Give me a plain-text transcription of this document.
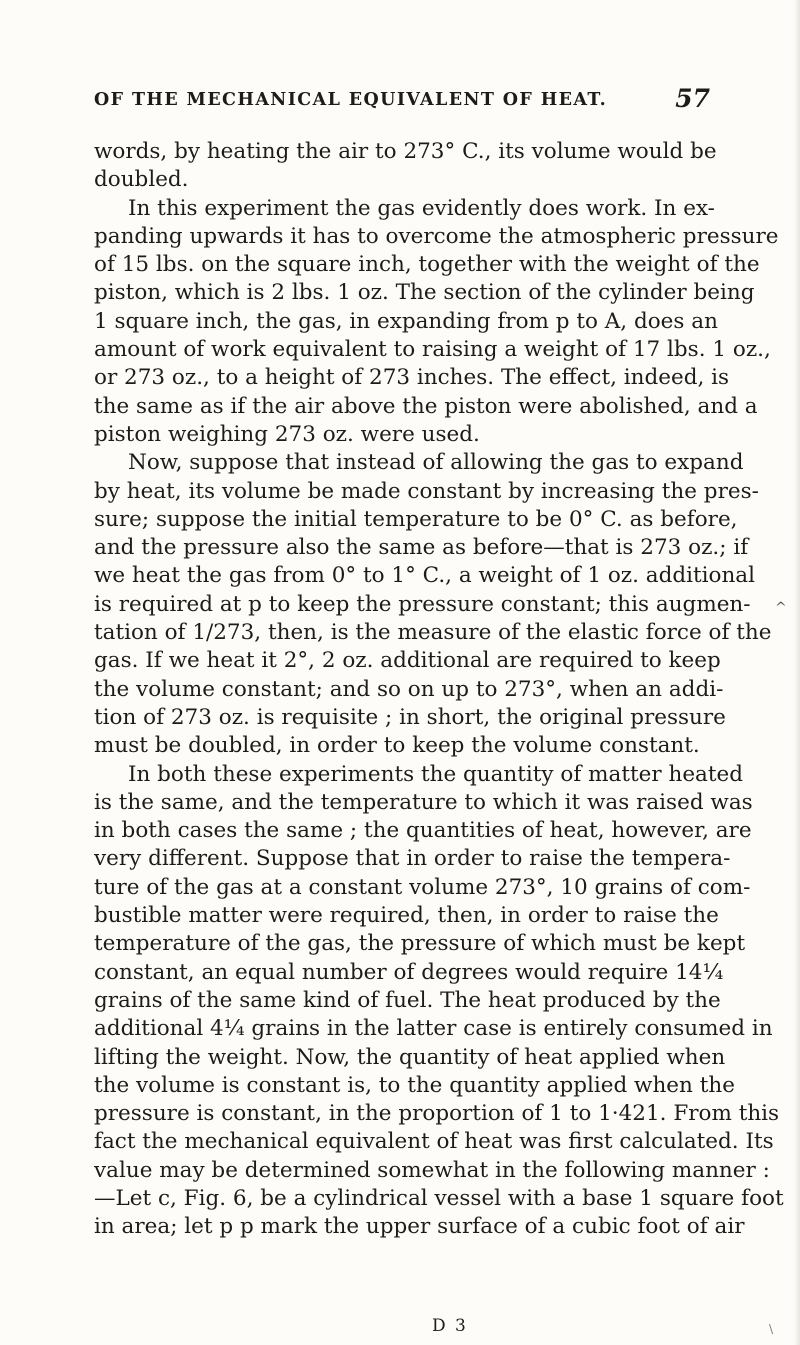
OF THE MECHANICAL EQUIVALENT OF HEAT.	57
words, by heating the air to 273° C., its volume would be
doubled.
In this experiment the gas evidently does work. In ex-
panding upwards it has to overcome the atmospheric pressure
of 15 lbs. on the square inch, together with the weight of the
piston, which is 2 lbs. 1 oz. The section of the cylinder being
1 square inch, the gas, in expanding from p to A, does an
amount of work equivalent to raising a weight of 17 lbs. 1 oz.,
or 273 oz., to a height of 273 inches. The effect, indeed, is
the same as if the air above the piston were abolished, and a
piston weighing 273 oz. were used.
Now, suppose that instead of allowing the gas to expand
by heat, its volume be made constant by increasing the pres-
sure; suppose the initial temperature to be 0° C. as before,
and the pressure also the same as before—that is 273 oz.; if
we heat the gas from 0° to 1° C., a weight of 1 oz. additional
is required at p to keep the pressure constant; this augmen-
tation of 1/273, then, is the measure of the elastic force of the
gas. If we heat it 2°, 2 oz. additional are required to keep
the volume constant; and so on up to 273°, when an addi-
tion of 273 oz. is requisite ; in short, the original pressure
must be doubled, in order to keep the volume constant.
In both these experiments the quantity of matter heated
is the same, and the temperature to which it was raised was
in both cases the same ; the quantities of heat, however, are
very different. Suppose that in order to raise the tempera-
ture of the gas at a constant volume 273°, 10 grains of com-
bustible matter were required, then, in order to raise the
temperature of the gas, the pressure of which must be kept
constant, an equal number of degrees would require 14¼
grains of the same kind of fuel. The heat produced by the
additional 4¼ grains in the latter case is entirely consumed in
lifting the weight. Now, the quantity of heat applied when
the volume is constant is, to the quantity applied when the
pressure is constant, in the proportion of 1 to 1·421. From this
fact the mechanical equivalent of heat was first calculated. Its
value may be determined somewhat in the following manner :
—Let c, Fig. 6, be a cylindrical vessel with a base 1 square foot
in area; let p p mark the upper surface of a cubic foot of air
D 3
^
\
